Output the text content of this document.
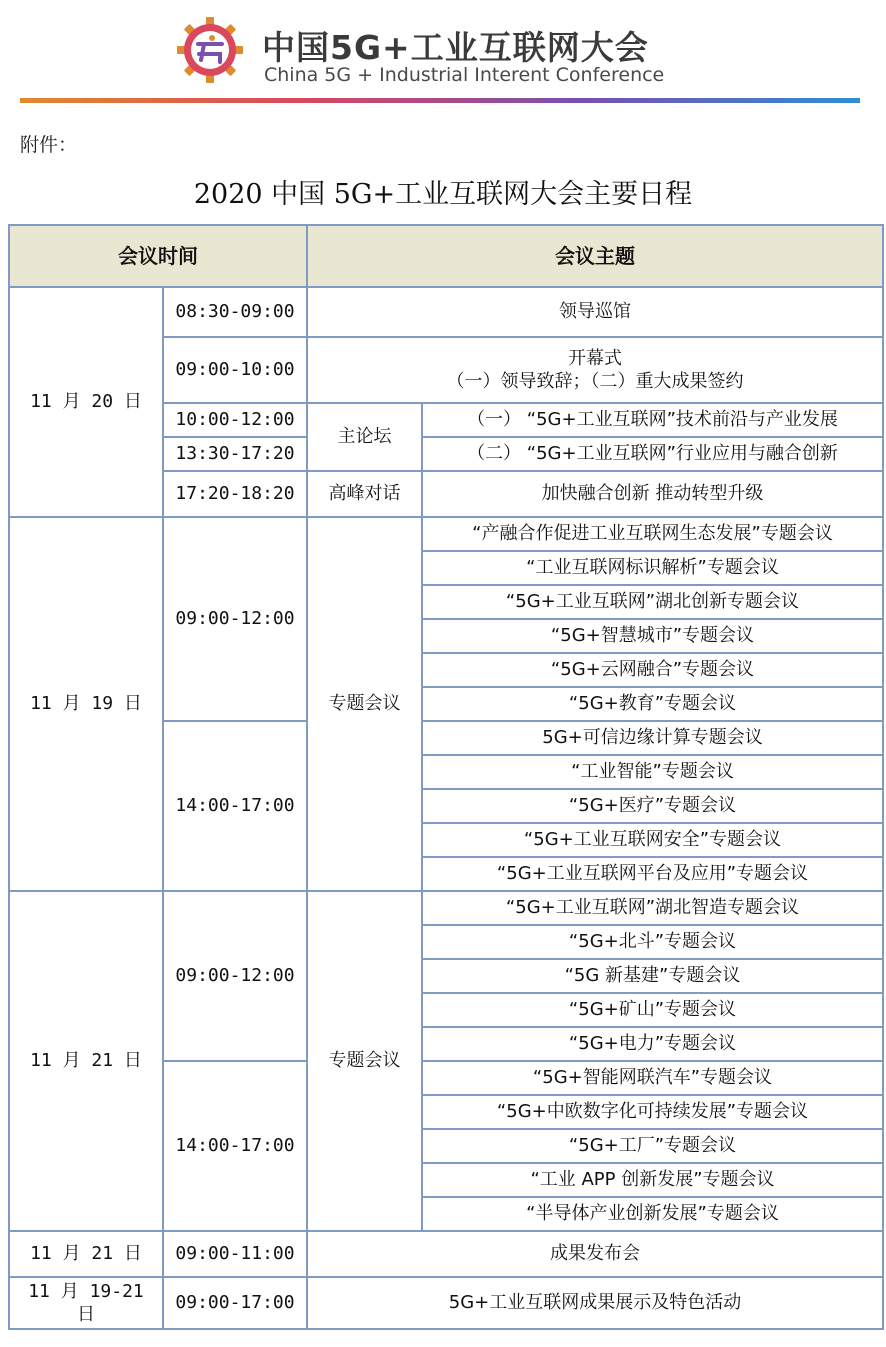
中国5G+工业互联网大会
China 5G + Industrial Interent Conference
附件：
2020 中国 5G+工业互联网大会主要日程
会议时间		会议主题	
11 月 20 日	08:30-09:00	领导巡馆	
	09:00-10:00	开幕式
（一）领导致辞；（二）重大成果签约	

	10:00-12:00	主论坛	（一） “5G+工业互联网”技术前沿与产业发展
	13:30-17:20		（二） “5G+工业互联网”行业应用与融合创新
	17:20-18:20	高峰对话	加快融合创新 推动转型升级
11 月 19 日	09:00-12:00	专题会议	“产融合作促进工业互联网生态发展”专题会议
			“工业互联网标识解析”专题会议
			“5G+工业互联网”湖北创新专题会议
			“5G+智慧城市”专题会议
			“5G+云网融合”专题会议
			“5G+教育”专题会议
	14:00-17:00		5G+可信边缘计算专题会议
			“工业智能”专题会议
			“5G+医疗”专题会议
			“5G+工业互联网安全”专题会议
			“5G+工业互联网平台及应用”专题会议
11 月 21 日	09:00-12:00	专题会议	“5G+工业互联网”湖北智造专题会议
			“5G+北斗”专题会议
			“5G 新基建”专题会议
			“5G+矿山”专题会议
			“5G+电力”专题会议
	14:00-17:00		“5G+智能网联汽车”专题会议
			“5G+中欧数字化可持续发展”专题会议
			“5G+工厂”专题会议
			“工业 APP 创新发展”专题会议
			“半导体产业创新发展”专题会议
11 月 21 日	09:00-11:00	成果发布会	
11 月 19-21 日	09:00-17:00	5G+工业互联网成果展示及特色活动	
